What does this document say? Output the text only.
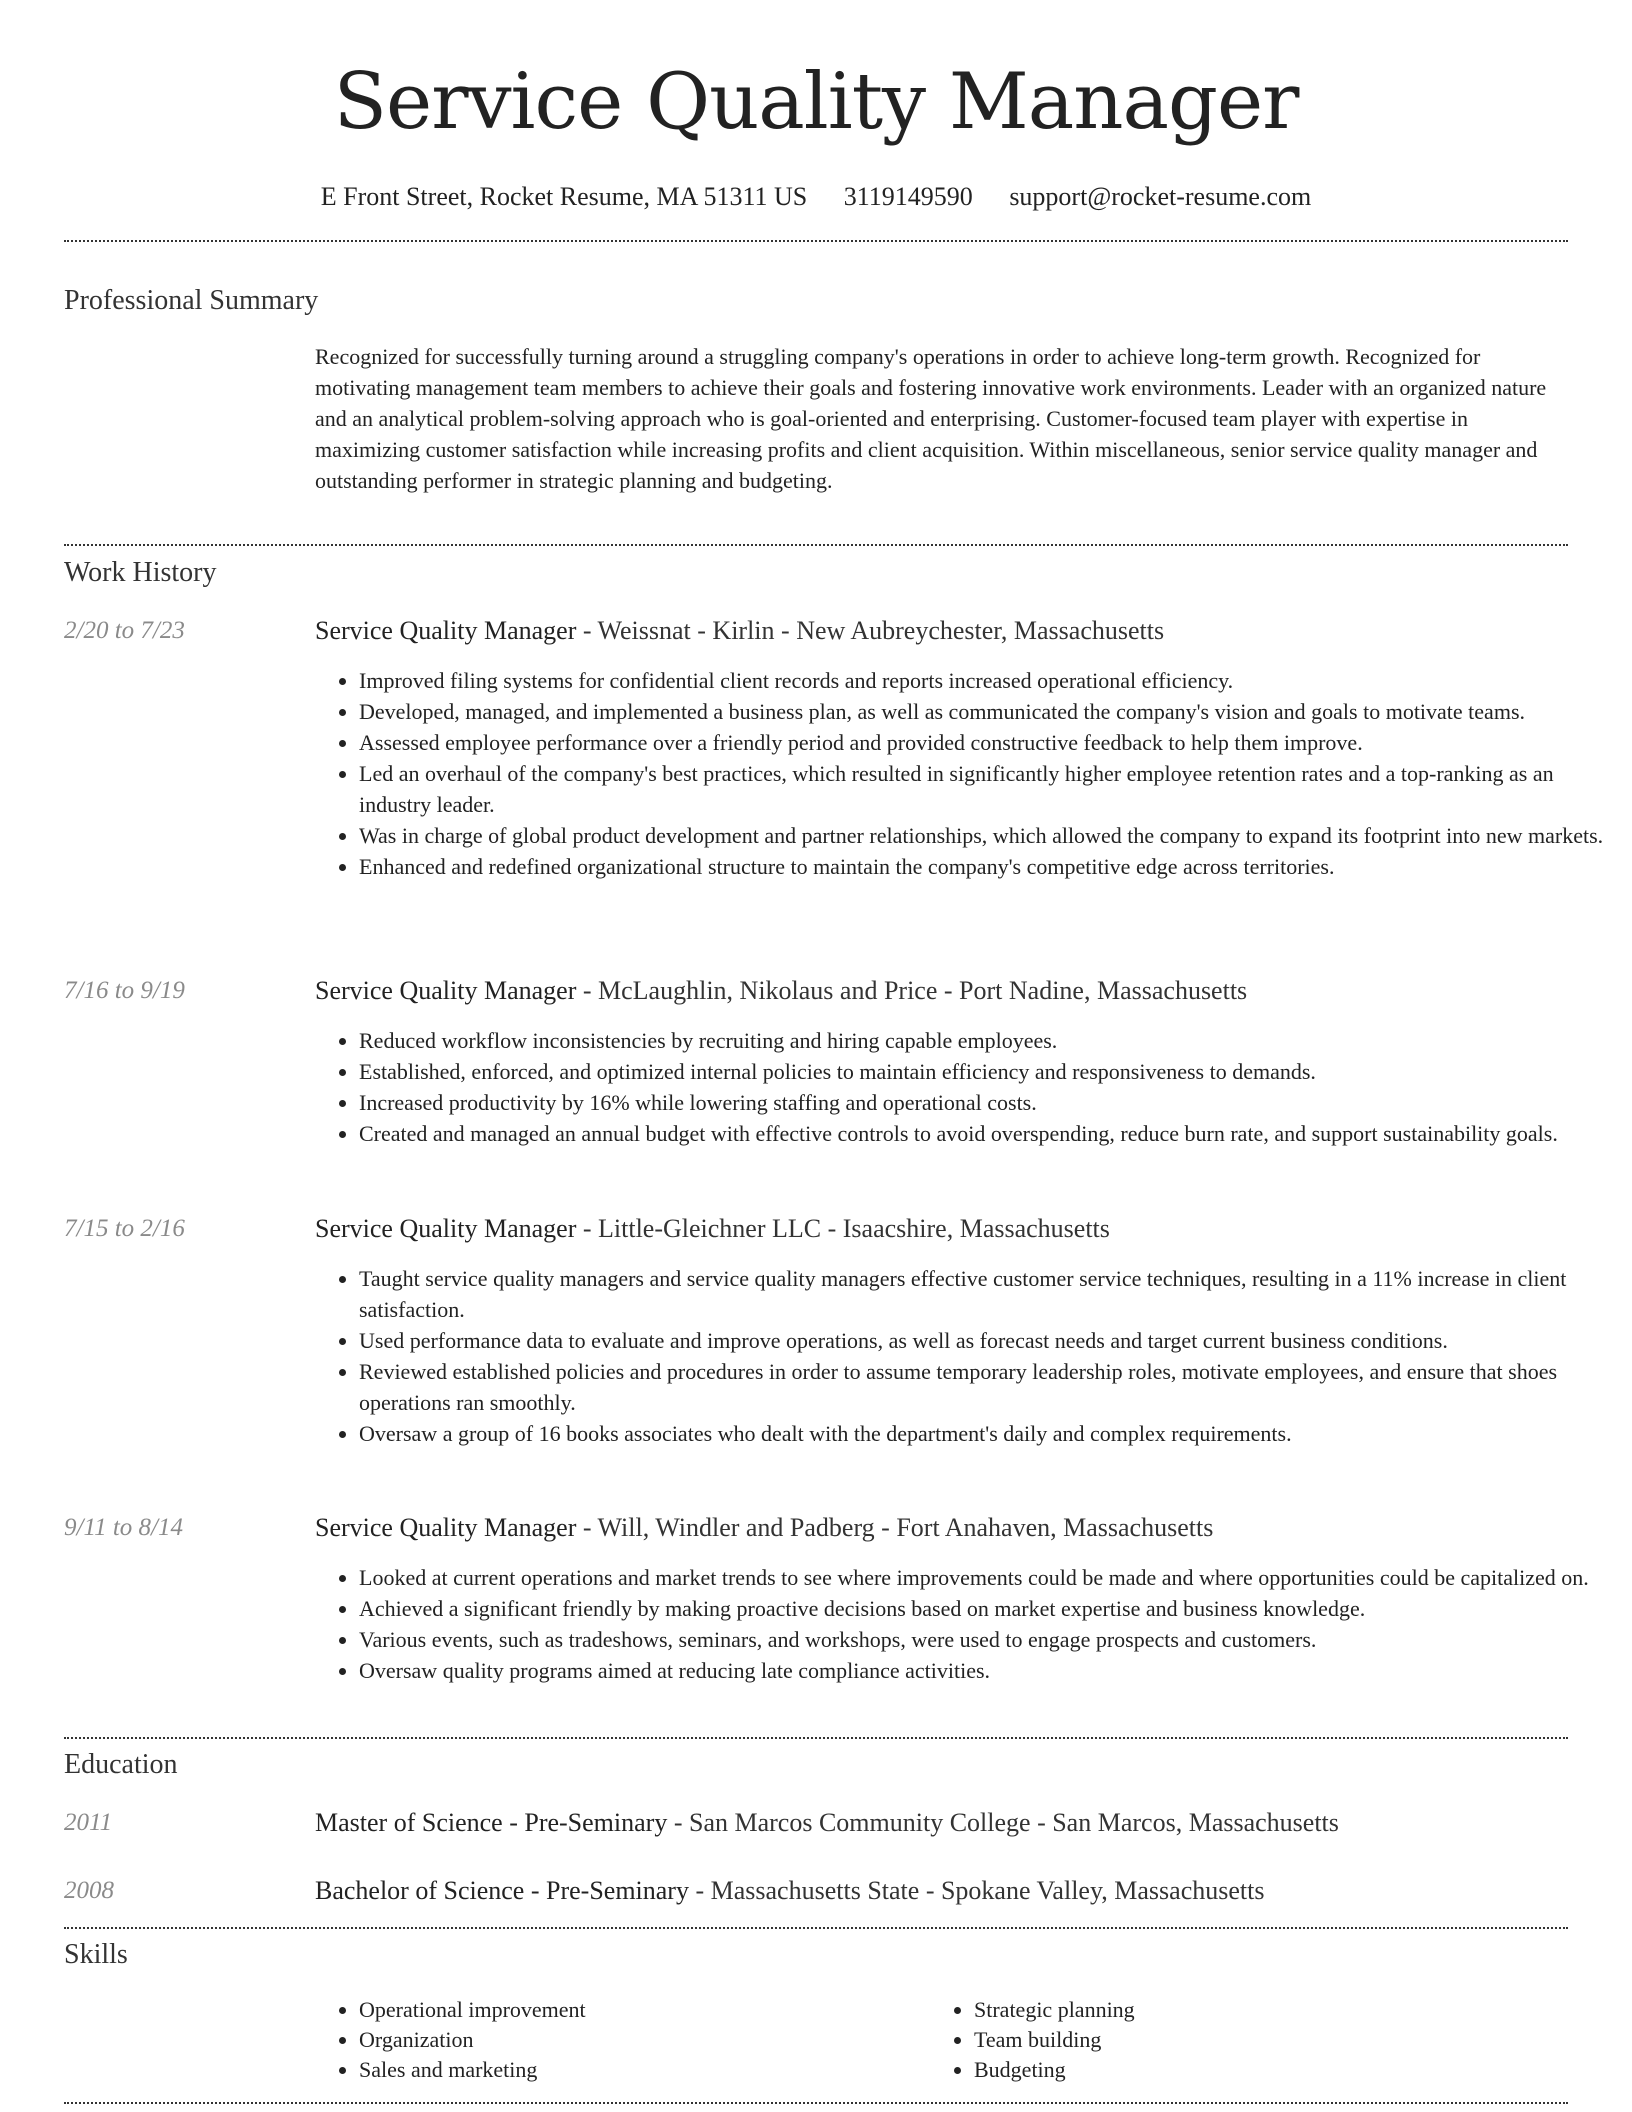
Service Quality Manager
E Front Street, Rocket Resume, MA 51311 US 3119149590 support@rocket-resume.com
Professional Summary

Recognized for successfully turning around a struggling company's operations in order to achieve long-term growth. Recognized for motivating management team members to achieve their goals and fostering innovative work environments. Leader with an organized nature and an analytical problem-solving approach who is goal-oriented and enterprising. Customer-focused team player with expertise in maximizing customer satisfaction while increasing profits and client acquisition. Within miscellaneous, senior service quality manager and outstanding performer in strategic planning and budgeting.

Work History
2/20 to 7/23	Service Quality Manager - Weissnat - Kirlin - New Aubreychester, Massachusetts
• Improved filing systems for confidential client records and reports increased operational efficiency.
• Developed, managed, and implemented a business plan, as well as communicated the company's vision and goals to motivate teams.
• Assessed employee performance over a friendly period and provided constructive feedback to help them improve.
• Led an overhaul of the company's best practices, which resulted in significantly higher employee retention rates and a top-ranking as an industry leader.
• Was in charge of global product development and partner relationships, which allowed the company to expand its footprint into new markets.
• Enhanced and redefined organizational structure to maintain the company's competitive edge across territories.
7/16 to 9/19	Service Quality Manager - McLaughlin, Nikolaus and Price - Port Nadine, Massachusetts
• Reduced workflow inconsistencies by recruiting and hiring capable employees.
• Established, enforced, and optimized internal policies to maintain efficiency and responsiveness to demands.
• Increased productivity by 16% while lowering staffing and operational costs.
• Created and managed an annual budget with effective controls to avoid overspending, reduce burn rate, and support sustainability goals.
7/15 to 2/16	Service Quality Manager - Little-Gleichner LLC - Isaacshire, Massachusetts
• Taught service quality managers and service quality managers effective customer service techniques, resulting in a 11% increase in client satisfaction.
• Used performance data to evaluate and improve operations, as well as forecast needs and target current business conditions.
• Reviewed established policies and procedures in order to assume temporary leadership roles, motivate employees, and ensure that shoes operations ran smoothly.
• Oversaw a group of 16 books associates who dealt with the department's daily and complex requirements.
9/11 to 8/14	Service Quality Manager - Will, Windler and Padberg - Fort Anahaven, Massachusetts
• Looked at current operations and market trends to see where improvements could be made and where opportunities could be capitalized on.
• Achieved a significant friendly by making proactive decisions based on market expertise and business knowledge.
• Various events, such as tradeshows, seminars, and workshops, were used to engage prospects and customers.
• Oversaw quality programs aimed at reducing late compliance activities.
Education
2011	Master of Science - Pre-Seminary - San Marcos Community College - San Marcos, Massachusetts
2008	Bachelor of Science - Pre-Seminary - Massachusetts State - Spokane Valley, Massachusetts
Skills
• Operational improvement
• Organization
• Sales and marketing
• Strategic planning
• Team building
• Budgeting
